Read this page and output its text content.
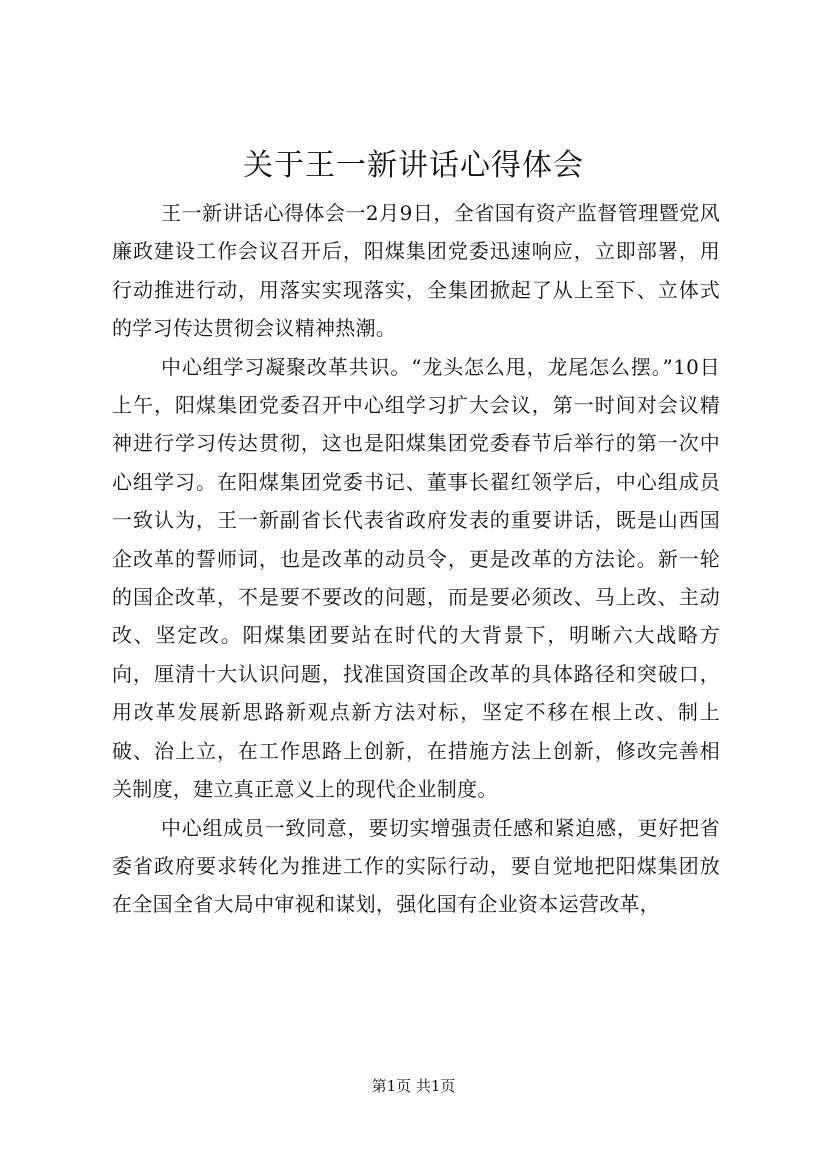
关于王一新讲话心得体会

王一新讲话心得体会一2月9日，全省国有资产监督管理暨党风廉政建设工作会议召开后，阳煤集团党委迅速响应，立即部署，用行动推进行动，用落实实现落实，全集团掀起了从上至下、立体式的学习传达贯彻会议精神热潮。

中心组学习凝聚改革共识。“龙头怎么甩，龙尾怎么摆。”10日上午，阳煤集团党委召开中心组学习扩大会议，第一时间对会议精神进行学习传达贯彻，这也是阳煤集团党委春节后举行的第一次中心组学习。在阳煤集团党委书记、董事长翟红领学后，中心组成员一致认为，王一新副省长代表省政府发表的重要讲话，既是山西国企改革的誓师词，也是改革的动员令，更是改革的方法论。新一轮的国企改革，不是要不要改的问题，而是要必须改、马上改、主动改、坚定改。阳煤集团要站在时代的大背景下，明晰六大战略方向，厘清十大认识问题，找准国资国企改革的具体路径和突破口，用改革发展新思路新观点新方法对标，坚定不移在根上改、制上破、治上立，在工作思路上创新，在措施方法上创新，修改完善相关制度，建立真正意义上的现代企业制度。

中心组成员一致同意，要切实增强责任感和紧迫感，更好把省委省政府要求转化为推进工作的实际行动，要自觉地把阳煤集团放在全国全省大局中审视和谋划，强化国有企业资本运营改革，

第1页 共1页
